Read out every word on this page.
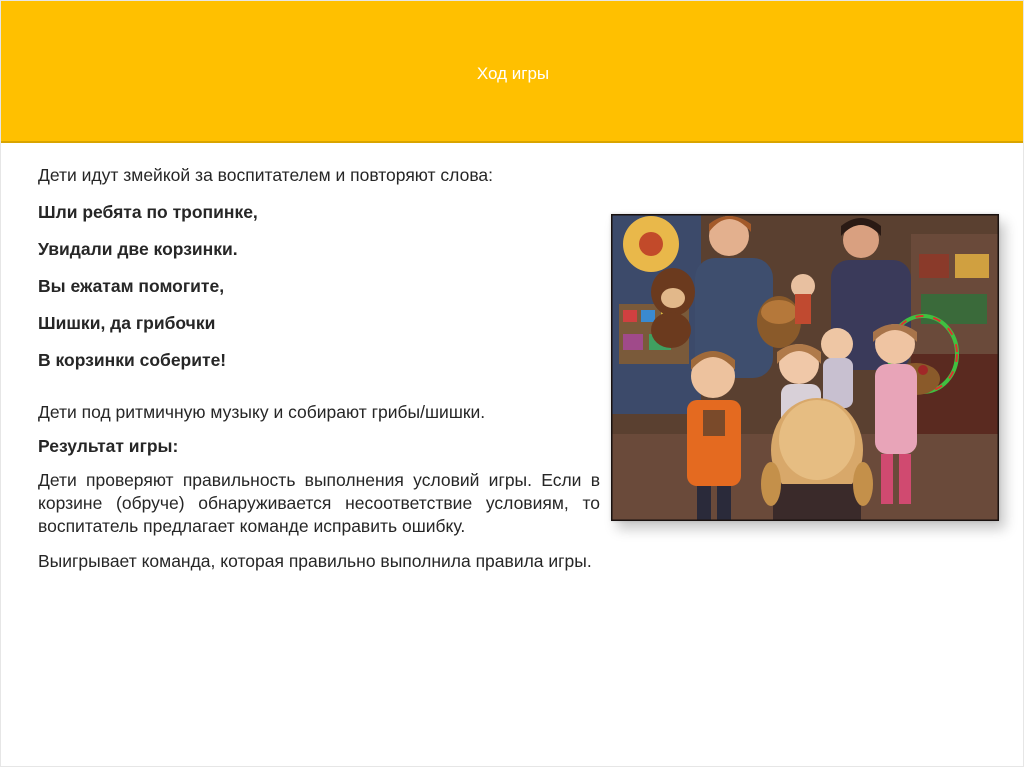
Ход игры

Дети идут змейкой за воспитателем и повторяют слова:

Шли ребята по тропинке,

Увидали две корзинки.

Вы ежатам помогите,

Шишки, да грибочки

В корзинки соберите!

Дети под ритмичную музыку и собирают грибы/шишки.

Результат игры:

Дети проверяют правильность выполнения условий игры. Если в корзине (обруче) обнаруживается несоответствие условиям, то воспитатель предлагает команде исправить ошибку.

Выигрывает команда, которая правильно выполнила правила игры.
